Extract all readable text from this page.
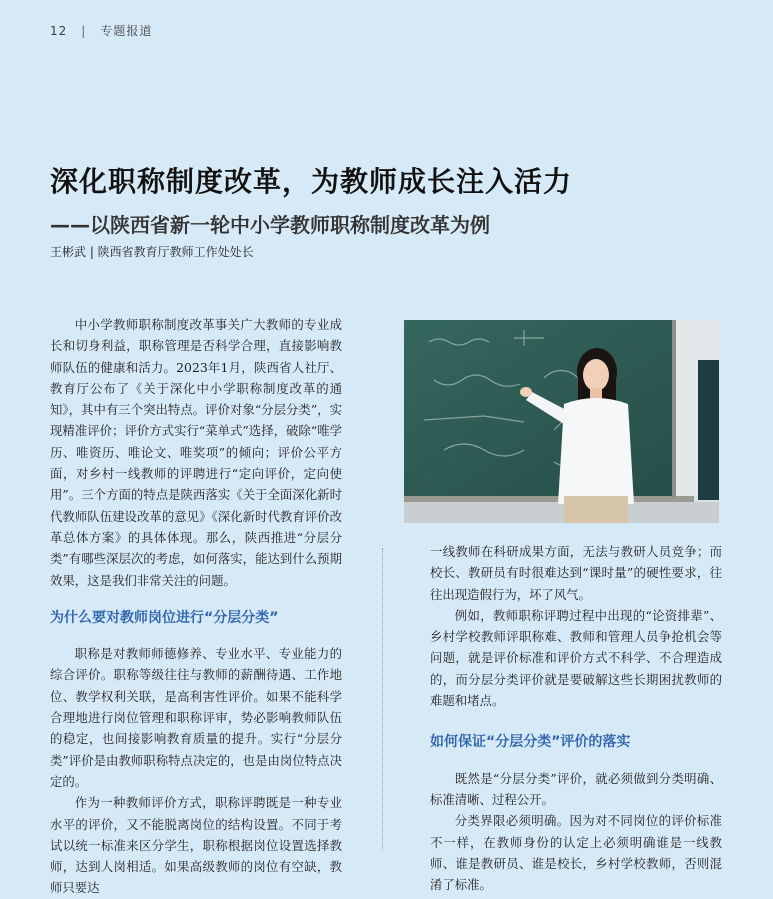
12 | 专题报道
深化职称制度改革，为教师成长注入活力
——以陕西省新一轮中小学教师职称制度改革为例
王彬武 | 陕西省教育厅教师工作处处长

中小学教师职称制度改革事关广大教师的专业成长和切身利益，职称管理是否科学合理，直接影响教师队伍的健康和活力。2023年1月，陕西省人社厅、教育厅公布了《关于深化中小学职称制度改革的通知》，其中有三个突出特点。评价对象“分层分类”，实现精准评价；评价方式实行“菜单式”选择，破除“唯学历、唯资历、唯论文、唯奖项”的倾向；评价公平方面，对乡村一线教师的评聘进行“定向评价，定向使用”。三个方面的特点是陕西落实《关于全面深化新时代教师队伍建设改革的意见》《深化新时代教育评价改革总体方案》的具体体现。那么，陕西推进“分层分类”有哪些深层次的考虑，如何落实，能达到什么预期效果，这是我们非常关注的问题。

为什么要对教师岗位进行“分层分类”

职称是对教师师德修养、专业水平、专业能力的综合评价。职称等级往往与教师的薪酬待遇、工作地位、教学权利关联，是高利害性评价。如果不能科学合理地进行岗位管理和职称评审，势必影响教师队伍的稳定，也间接影响教育质量的提升。实行“分层分类”评价是由教师职称特点决定的，也是由岗位特点决定的。

作为一种教师评价方式，职称评聘既是一种专业水平的评价，又不能脱离岗位的结构设置。不同于考试以统一标准来区分学生，职称根据岗位设置选择教师，达到人岗相适。如果高级教师的岗位有空缺，教师只要达

一线教师在科研成果方面，无法与教研人员竞争；而校长、教研员有时很难达到“课时量”的硬性要求，往往出现造假行为，坏了风气。

例如，教师职称评聘过程中出现的“论资排辈”、乡村学校教师评职称难、教师和管理人员争抢机会等问题，就是评价标准和评价方式不科学、不合理造成的，而分层分类评价就是要破解这些长期困扰教师的难题和堵点。

如何保证“分层分类”评价的落实

既然是“分层分类”评价，就必须做到分类明确、标准清晰、过程公开。

分类界限必须明确。因为对不同岗位的评价标准不一样，在教师身份的认定上必须明确谁是一线教师、谁是教研员、谁是校长，乡村学校教师，否则混淆了标准。
